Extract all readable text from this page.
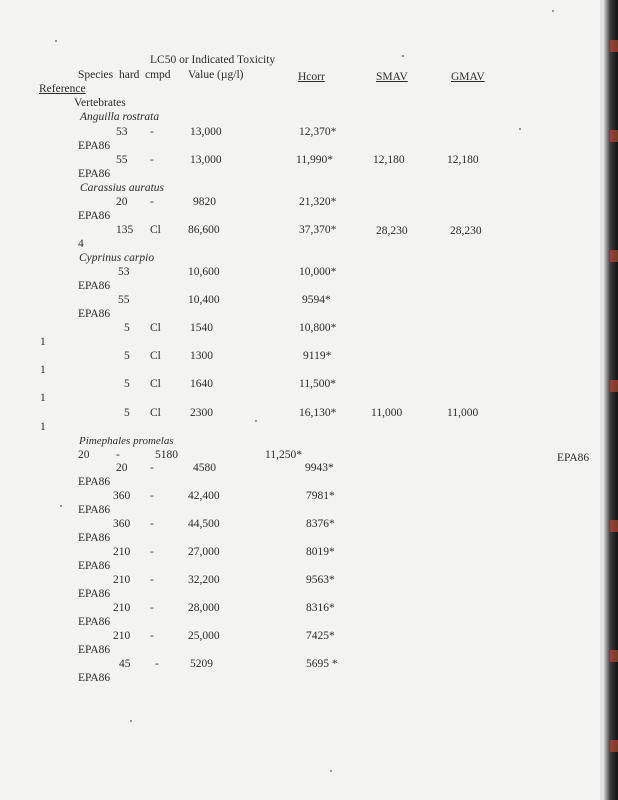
LC50 or Indicated Toxicity
Species hard cmpd Value (µg/l)	Hcorr	SMAV	GMAV
Reference
Vertebrates
Anguilla rostrata
53 -	13,000	12,370*
EPA86
55 -	13,000	11,990*	12,180	12,180
EPA86
Carassius auratus
20 -	9820	21,320*
EPA86
135 Cl 86,600	37,370*	28,230	28,230
4
Cyprinus carpio
53	10,600	10,000*
EPA86
55	10,400	9594*
EPA86
5 Cl	1540	10,800*
1
5 Cl	1300	9119*
1
5 Cl	1640	11,500*
1
5 Cl	2300	16,130*	11,000	11,000
1
Pimephales promelas
20 -	5180	11,250*	EPA86
20 -	4580	9943*
EPA86
360 -	42,400	7981*
EPA86
360 -	44,500	8376*
EPA86
210 -	27,000	8019*
EPA86
210 -	32,200	9563*
EPA86
210 -	28,000	8316*
EPA86
210 -	25,000	7425*
EPA86
45 -	5209	5695 *
EPA86
